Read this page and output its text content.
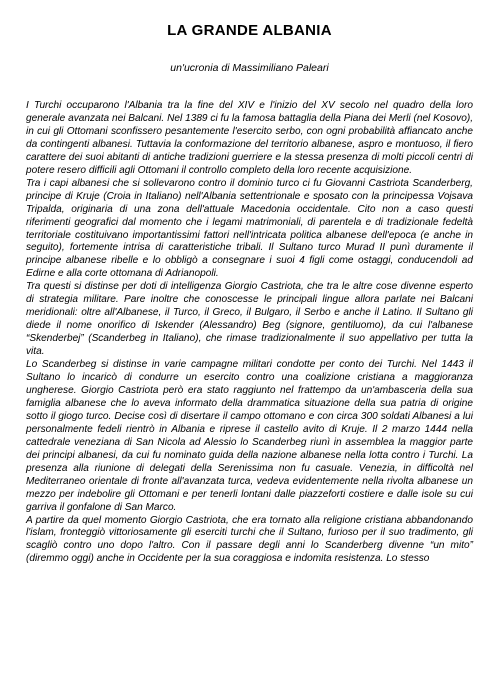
LA GRANDE ALBANIA
un'ucronia di Massimiliano Paleari

I Turchi occuparono l'Albania tra la fine del XIV e l'inizio del XV secolo nel quadro della loro generale avanzata nei Balcani. Nel 1389 ci fu la famosa battaglia della Piana dei Merli (nel Kosovo), in cui gli Ottomani sconfissero pesantemente l'esercito serbo, con ogni probabilità affiancato anche da contingenti albanesi. Tuttavia la conformazione del territorio albanese, aspro e montuoso, il fiero carattere dei suoi abitanti di antiche tradizioni guerriere e la stessa presenza di molti piccoli centri di potere resero difficili agli Ottomani il controllo completo della loro recente acquisizione.

Tra i capi albanesi che si sollevarono contro il dominio turco ci fu Giovanni Castriota Scanderberg, principe di Kruje (Croia in Italiano) nell'Albania settentrionale e sposato con la principessa Vojsava Tripalda, originaria di una zona dell'attuale Macedonia occidentale. Cito non a caso questi riferimenti geografici dal momento che i legami matrimoniali, di parentela e di tradizionale fedeltà territoriale costituivano importantissimi fattori nell'intricata politica albanese dell'epoca (e anche in seguito), fortemente intrisa di caratteristiche tribali. Il Sultano turco Murad II punì duramente il principe albanese ribelle e lo obbligò a consegnare i suoi 4 figli come ostaggi, conducendoli ad Edirne e alla corte ottomana di Adrianopoli.

Tra questi si distinse per doti di intelligenza Giorgio Castriota, che tra le altre cose divenne esperto di strategia militare. Pare inoltre che conoscesse le principali lingue allora parlate nei Balcani meridionali: oltre all'Albanese, il Turco, il Greco, il Bulgaro, il Serbo e anche il Latino. Il Sultano gli diede il nome onorifico di Iskender (Alessandro) Beg (signore, gentiluomo), da cui l'albanese “Skenderbej” (Scanderbeg in Italiano), che rimase tradizionalmente il suo appellativo per tutta la vita.

Lo Scanderbeg si distinse in varie campagne militari condotte per conto dei Turchi. Nel 1443 il Sultano lo incaricò di condurre un esercito contro una coalizione cristiana a maggioranza ungherese. Giorgio Castriota però era stato raggiunto nel frattempo da un'ambasceria della sua famiglia albanese che lo aveva informato della drammatica situazione della sua patria di origine sotto il giogo turco. Decise così di disertare il campo ottomano e con circa 300 soldati Albanesi a lui personalmente fedeli rientrò in Albania e riprese il castello avito di Kruje. Il 2 marzo 1444 nella cattedrale veneziana di San Nicola ad Alessio lo Scanderbeg riunì in assemblea la maggior parte dei principi albanesi, da cui fu nominato guida della nazione albanese nella lotta contro i Turchi. La presenza alla riunione di delegati della Serenissima non fu casuale. Venezia, in difficoltà nel Mediterraneo orientale di fronte all'avanzata turca, vedeva evidentemente nella rivolta albanese un mezzo per indebolire gli Ottomani e per tenerli lontani dalle piazzeforti costiere e dalle isole su cui garriva il gonfalone di San Marco.

A partire da quel momento Giorgio Castriota, che era tornato alla religione cristiana abbandonando l'islam, fronteggiò vittoriosamente gli eserciti turchi che il Sultano, furioso per il suo tradimento, gli scagliò contro uno dopo l'altro. Con il passare degli anni lo Scanderberg divenne “un mito” (diremmo oggi) anche in Occidente per la sua coraggiosa e indomita resistenza. Lo stesso
